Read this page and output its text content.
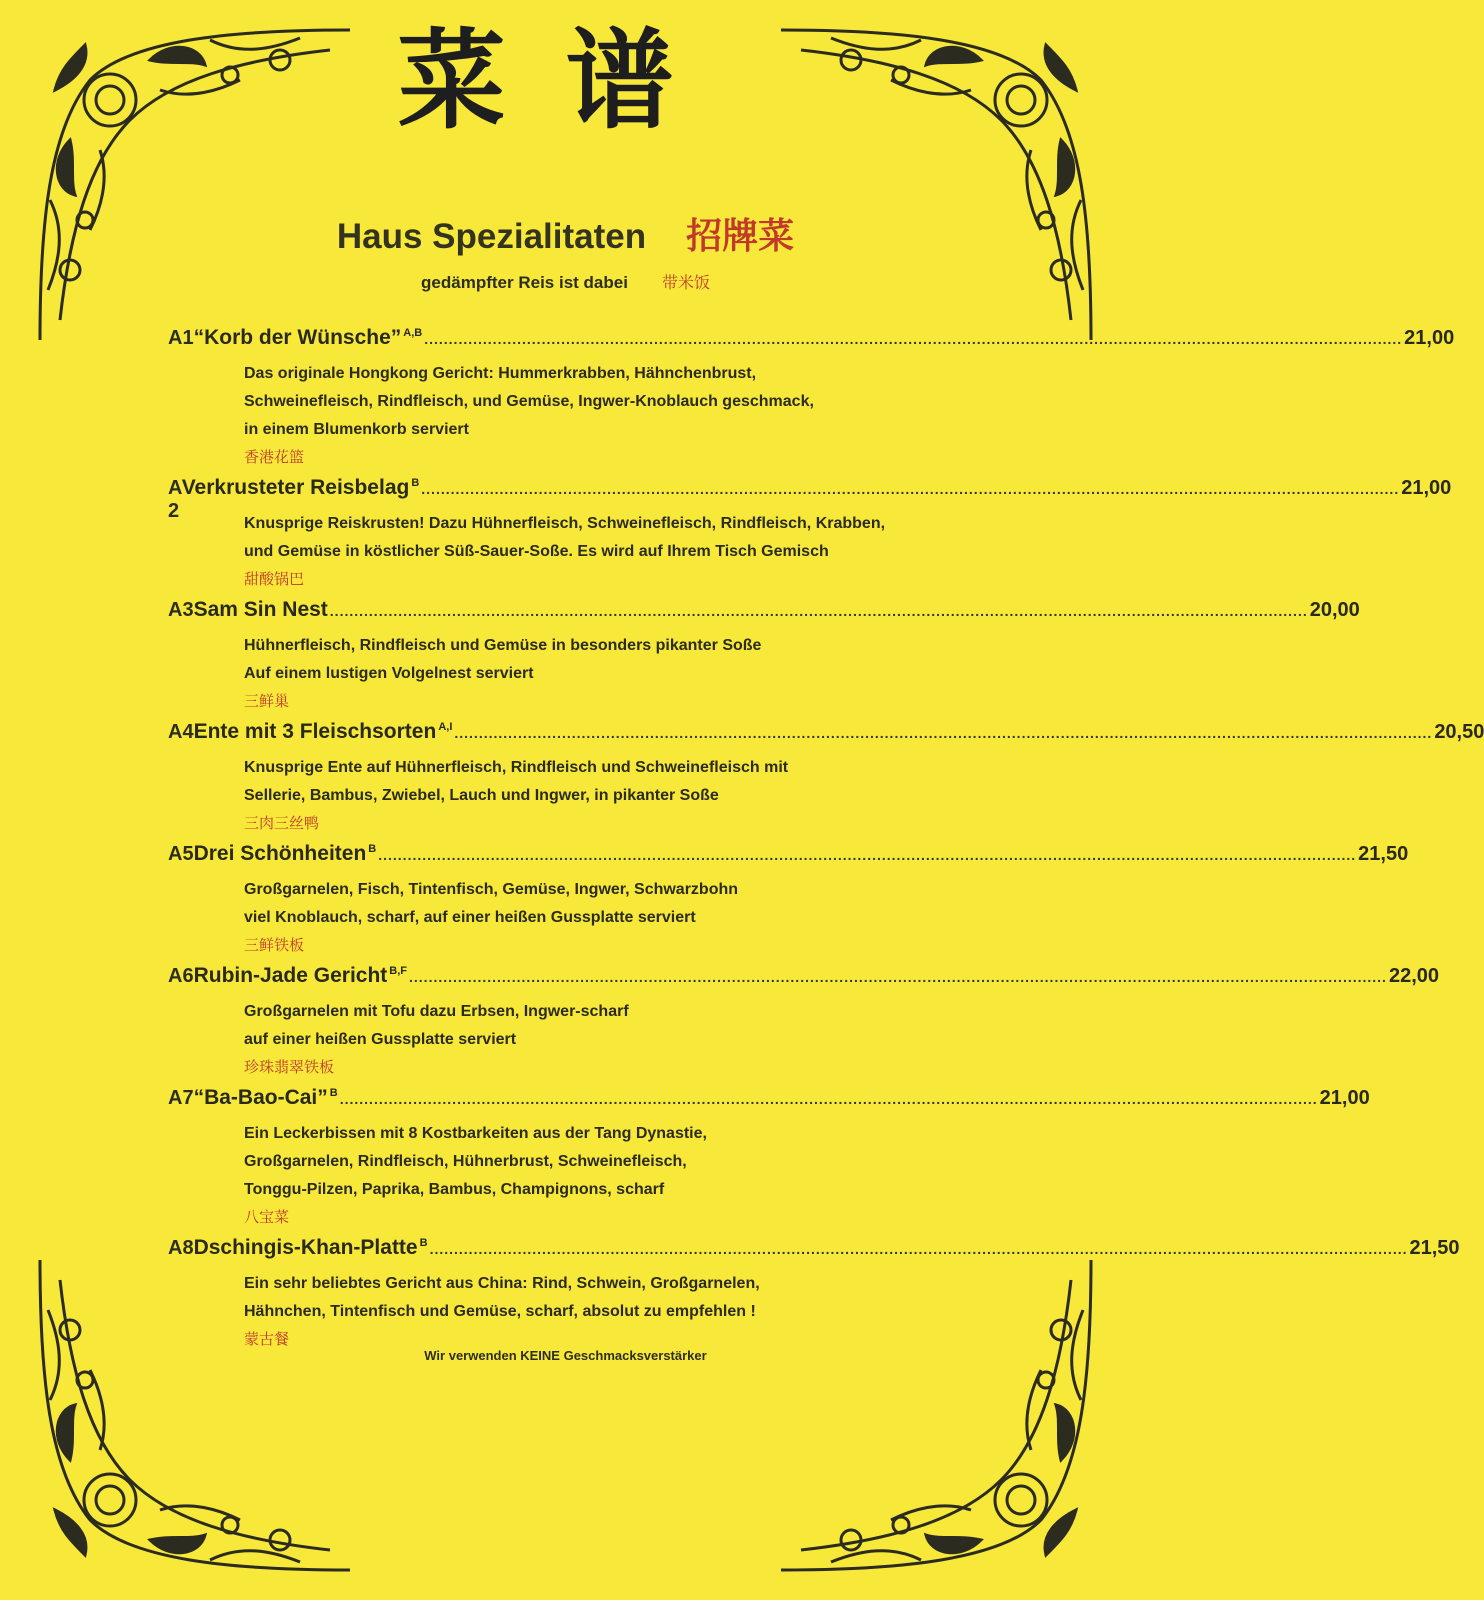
菜谱
Haus Spezialitaten 招牌菜
gedämpfter Reis ist dabei 带米饭
A1 “Korb der Wünsche” $^{A,B}$ ........................................................................................................................................................................................................ 21,00
Das originale Hongkong Gericht: Hummerkrabben, Hähnchenbrust,
Schweinefleisch, Rindfleisch, und Gemüse, Ingwer-Knoblauch geschmack,
in einem Blumenkorb serviert
香港花篮
A 2
Verkrusteter Reisbelag $^B$ ........................................................................................................................................................................................................ 21,00
Knusprige Reiskrusten! Dazu Hühnerfleisch, Schweinefleisch, Rindfleisch, Krabben,
und Gemüse in köstlicher Süß-Sauer-Soße. Es wird auf Ihrem Tisch Gemisch
甜酸锅巴
A3 Sam Sin Nest ........................................................................................................................................................................................................ 20,00
Hühnerfleisch, Rindfleisch und Gemüse in besonders pikanter Soße
Auf einem lustigen Volgelnest serviert
三鲜巢
A4 Ente mit 3 Fleischsorten $^{A,I}$ ........................................................................................................................................................................................................ 20,50
Knusprige Ente auf Hühnerfleisch, Rindfleisch und Schweinefleisch mit
Sellerie, Bambus, Zwiebel, Lauch und Ingwer, in pikanter Soße
三肉三丝鸭
A5 Drei Schönheiten $^B$ ........................................................................................................................................................................................................ 21,50
Großgarnelen, Fisch, Tintenfisch, Gemüse, Ingwer, Schwarzbohn
viel Knoblauch, scharf, auf einer heißen Gussplatte serviert
三鲜铁板
A6 Rubin-Jade Gericht $^{B,F}$ ........................................................................................................................................................................................................ 22,00
Großgarnelen mit Tofu dazu Erbsen, Ingwer-scharf
auf einer heißen Gussplatte serviert
珍珠翡翠铁板
A7 “Ba-Bao-Cai” $^B$ ........................................................................................................................................................................................................ 21,00
Ein Leckerbissen mit 8 Kostbarkeiten aus der Tang Dynastie,
Großgarnelen, Rindfleisch, Hühnerbrust, Schweinefleisch,
Tonggu-Pilzen, Paprika, Bambus, Champignons, scharf
八宝菜
A8 Dschingis-Khan-Platte $^B$ ........................................................................................................................................................................................................ 21,50
Ein sehr beliebtes Gericht aus China: Rind, Schwein, Großgarnelen,
Hähnchen, Tintenfisch und Gemüse, scharf, absolut zu empfehlen !
蒙古餐
Wir verwenden KEINE Geschmacksverstärker
